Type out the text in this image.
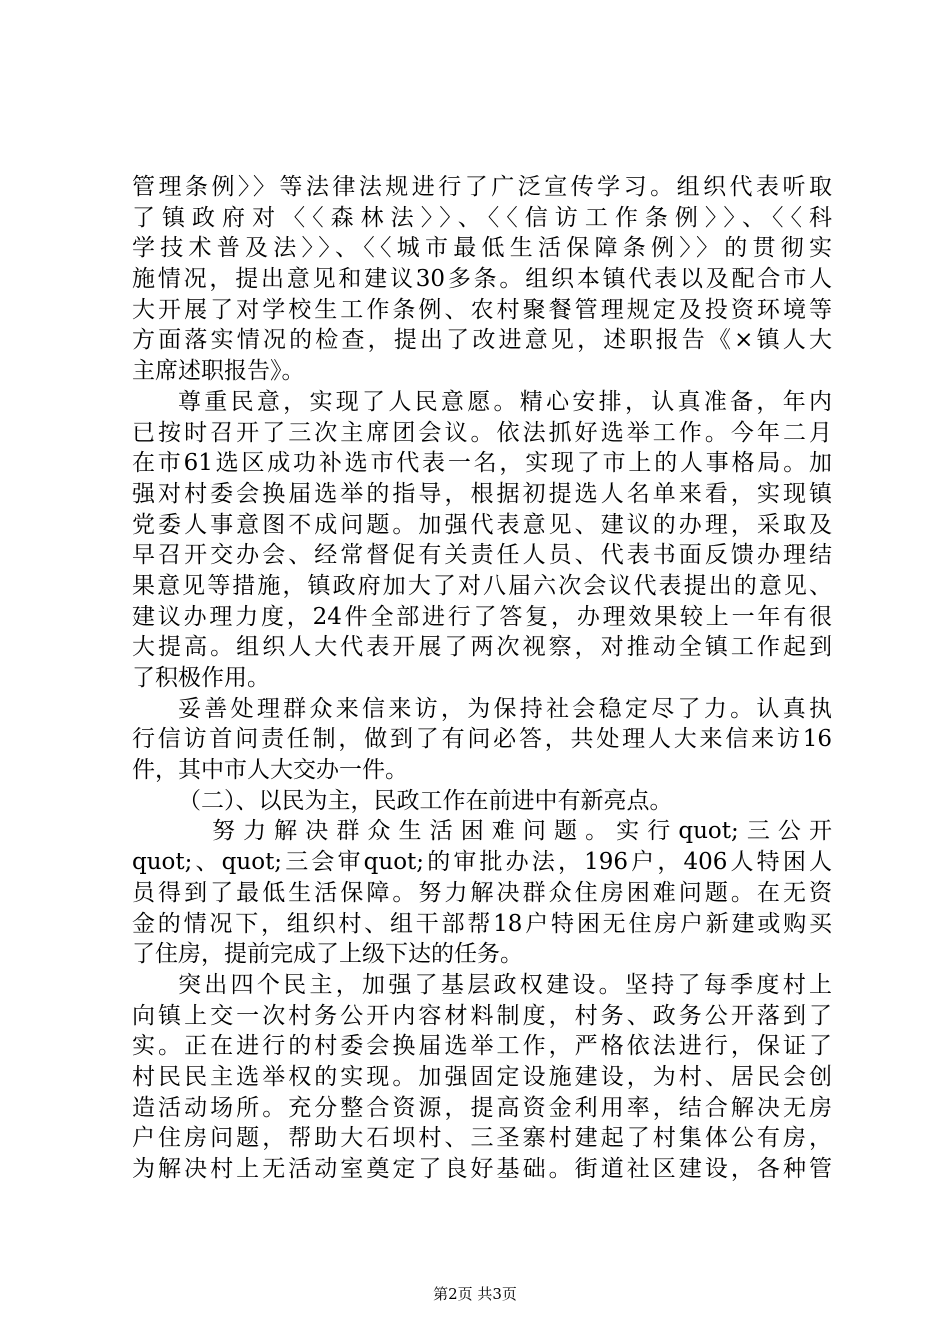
管理条例〉〉等法律法规进行了广泛宣传学习。组织代表听取
了镇政府对〈〈森林法〉〉、〈〈信访工作条例〉〉、〈〈科
学技术普及法〉〉、〈〈城市最低生活保障条例〉〉的贯彻实
施情况，提出意见和建议30多条。组织本镇代表以及配合市人
大开展了对学校生工作条例、农村聚餐管理规定及投资环境等
方面落实情况的检查，提出了改进意见，述职报告《×镇人大
主席述职报告》。
尊重民意，实现了人民意愿。精心安排，认真准备，年内
已按时召开了三次主席团会议。依法抓好选举工作。今年二月
在市61选区成功补选市代表一名，实现了市上的人事格局。加
强对村委会换届选举的指导，根据初提选人名单来看，实现镇
党委人事意图不成问题。加强代表意见、建议的办理，采取及
早召开交办会、经常督促有关责任人员、代表书面反馈办理结
果意见等措施，镇政府加大了对八届六次会议代表提出的意见、
建议办理力度，24件全部进行了答复，办理效果较上一年有很
大提高。组织人大代表开展了两次视察，对推动全镇工作起到
了积极作用。
妥善处理群众来信来访，为保持社会稳定尽了力。认真执
行信访首问责任制，做到了有问必答，共处理人大来信来访16
件，其中市人大交办一件。
（二）、以民为主，民政工作在前进中有新亮点。
努力解决群众生活困难问题。实行quot;三公开
quot;、quot;三会审quot;的审批办法，196户，406人特困人
员得到了最低生活保障。努力解决群众住房困难问题。在无资
金的情况下，组织村、组干部帮18户特困无住房户新建或购买
了住房，提前完成了上级下达的任务。
突出四个民主，加强了基层政权建设。坚持了每季度村上
向镇上交一次村务公开内容材料制度，村务、政务公开落到了
实。正在进行的村委会换届选举工作，严格依法进行，保证了
村民民主选举权的实现。加强固定设施建设，为村、居民会创
造活动场所。充分整合资源，提高资金利用率，结合解决无房
户住房问题，帮助大石坝村、三圣寨村建起了村集体公有房，
为解决村上无活动室奠定了良好基础。街道社区建设，各种管
第2页 共3页
